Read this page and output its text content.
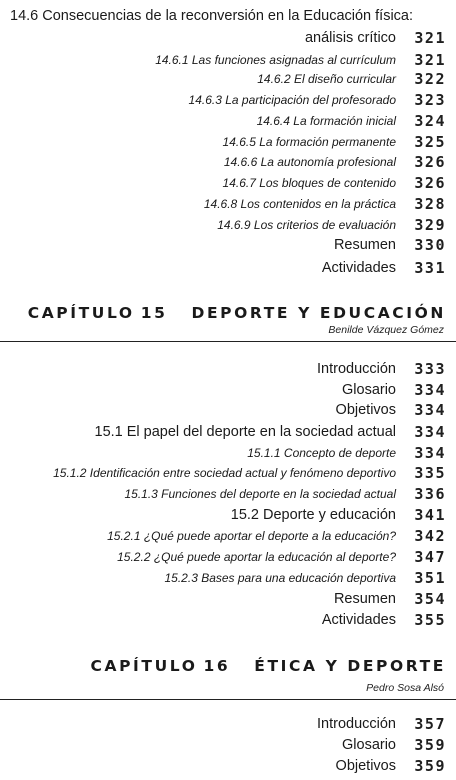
14.6 Consecuencias de la reconversión en la Educación física:
análisis crítico	321
14.6.1 Las funciones asignadas al currículum	321
14.6.2 El diseño curricular	322
14.6.3 La participación del profesorado	323
14.6.4 La formación inicial	324
14.6.5 La formación permanente	325
14.6.6 La autonomía profesional	326
14.6.7 Los bloques de contenido	326
14.6.8 Los contenidos en la práctica	328
14.6.9 Los criterios de evaluación	329
Resumen	330
Actividades	331
CAPÍTULO 15 DEPORTE Y EDUCACIÓN
Benilde Vázquez Gómez
Introducción	333
Glosario	334
Objetivos	334
15.1 El papel del deporte en la sociedad actual	334
15.1.1 Concepto de deporte	334
15.1.2 Identificación entre sociedad actual y fenómeno deportivo	335
15.1.3 Funciones del deporte en la sociedad actual	336
15.2 Deporte y educación	341
15.2.1 ¿Qué puede aportar el deporte a la educación?	342
15.2.2 ¿Qué puede aportar la educación al deporte?	347
15.2.3 Bases para una educación deportiva	351
Resumen	354
Actividades	355
CAPÍTULO 16 ÉTICA Y DEPORTE
Pedro Sosa Alsó
Introducción	357
Glosario	359
Objetivos	359
